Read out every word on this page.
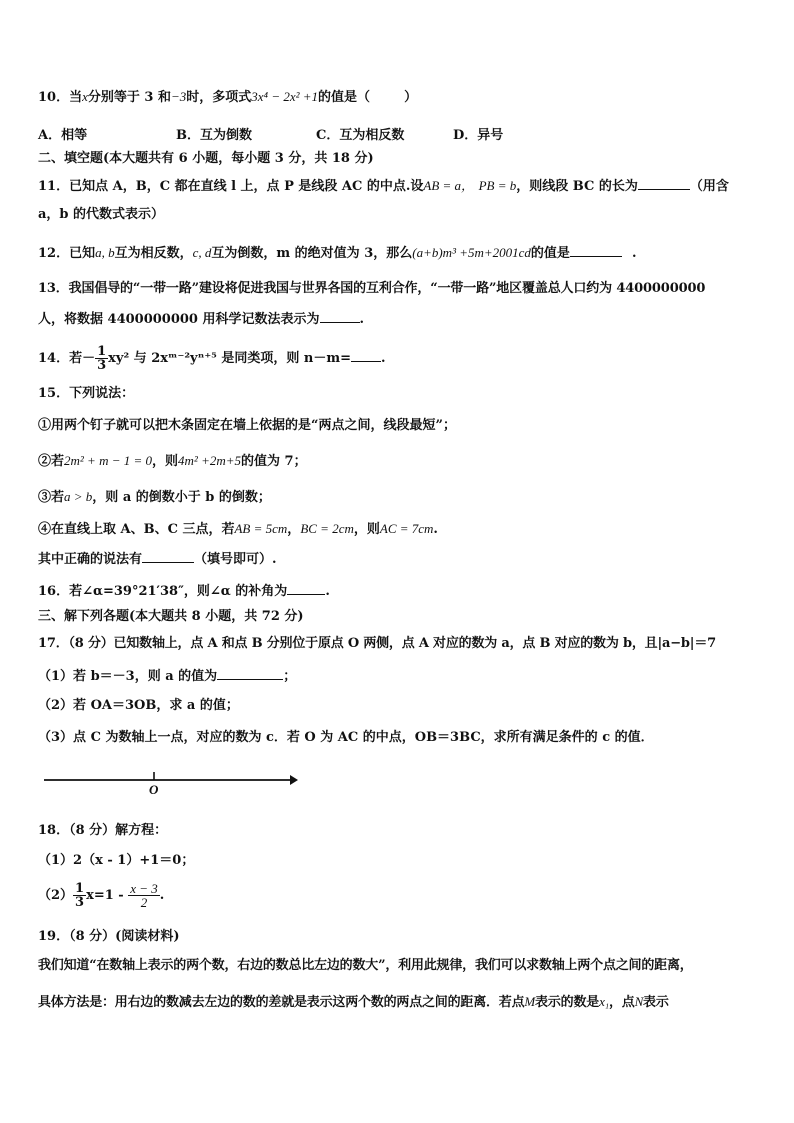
10．当x分别等于 3 和−3时，多项式3x⁴ − 2x² +1的值是（	）
A．相等	B．互为倒数	C．互为相反数	D．异号
二、填空题(本大题共有 6 小题，每小题 3 分，共 18 分)
11．已知点 A，B，C 都在直线 l 上，点 P 是线段 AC 的中点.设AB = a， PB = b，则线段 BC 的长为	（用含
a，b 的代数式表示）
12．已知a, b互为相反数，c, d互为倒数，m 的绝对值为 3，那么(a+b)m³ +5m+2001cd的值是	.
13．我国倡导的“一带一路”建设将促进我国与世界各国的互利合作，“一带一路”地区覆盖总人口约为 4400000000
人，将数据 4400000000 用科学记数法表示为	.
14．若－ $\frac{1}{3} xy^2$ 与 2xᵐ⁻²yⁿ⁺⁵ 是同类项，则 n－m= .
15．下列说法：
①用两个钉子就可以把木条固定在墙上依据的是“两点之间，线段最短”；
②若2m² + m − 1 = 0，则4m² +2m+5的值为 7；
③若a > b，则 a 的倒数小于 b 的倒数；
④在直线上取 A、B、C 三点，若AB = 5cm，BC = 2cm，则AC = 7cm.
其中正确的说法有	（填号即可）.
16．若∠α=39°21′38″，则∠α 的补角为	.
三、解下列各题(本大题共 8 小题，共 72 分)
17．（8 分）已知数轴上，点 A 和点 B 分别位于原点 O 两侧，点 A 对应的数为 a，点 B 对应的数为 b，且|a−b|＝7
（1）若 b＝－3，则 a 的值为	；
（2）若 OA＝3OB，求 a 的值；
（3）点 C 为数轴上一点，对应的数为 c．若 O 为 AC 的中点，OB＝3BC，求所有满足条件的 c 的值．
O
18．（8 分）解方程：
（1）2（x - 1）+1＝0；
$(2) \frac{1}{3} x=1 - \frac{x - 3}{2}$ .
19．（8 分）(阅读材料)
我们知道“在数轴上表示的两个数，右边的数总比左边的数大”，利用此规律，我们可以求数轴上两个点之间的距离，
具体方法是：用右边的数减去左边的数的差就是表示这两个数的两点之间的距离．若点M表示的数是x₁，点N表示
